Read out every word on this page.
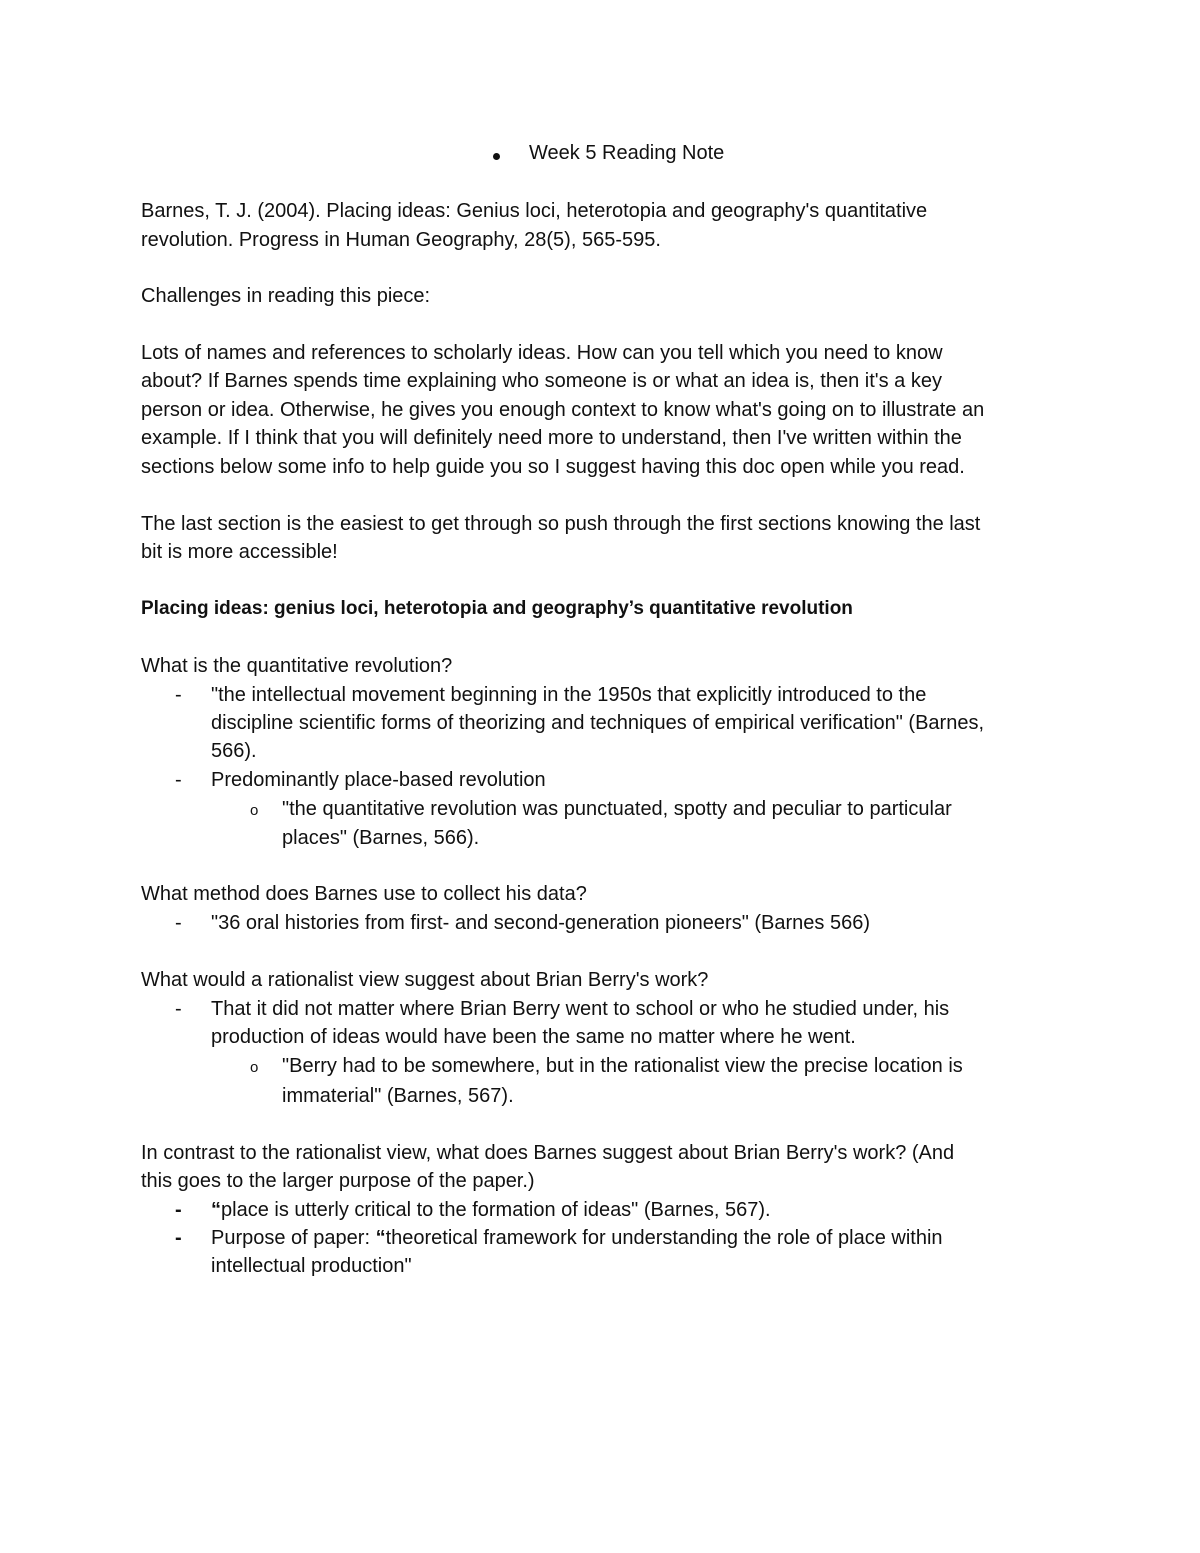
Week 5 Reading Note

Barnes, T. J. (2004). Placing ideas: Genius loci, heterotopia and geography's quantitative

revolution. Progress in Human Geography, 28(5), 565-595.

Challenges in reading this piece:

Lots of names and references to scholarly ideas. How can you tell which you need to know

about? If Barnes spends time explaining who someone is or what an idea is, then it's a key

person or idea. Otherwise, he gives you enough context to know what's going on to illustrate an

example. If I think that you will definitely need more to understand, then I've written within the

sections below some info to help guide you so I suggest having this doc open while you read.

The last section is the easiest to get through so push through the first sections knowing the last

bit is more accessible!

Placing ideas: genius loci, heterotopia and geography’s quantitative revolution

What is the quantitative revolution?

- "the intellectual movement beginning in the 1950s that explicitly introduced to the

discipline scientific forms of theorizing and techniques of empirical verification" (Barnes,

566).

- Predominantly place-based revolution

o "the quantitative revolution was punctuated, spotty and peculiar to particular

places" (Barnes, 566).

What method does Barnes use to collect his data?

- "36 oral histories from first- and second-generation pioneers" (Barnes 566)

What would a rationalist view suggest about Brian Berry's work?

- That it did not matter where Brian Berry went to school or who he studied under, his

production of ideas would have been the same no matter where he went.

o "Berry had to be somewhere, but in the rationalist view the precise location is

immaterial" (Barnes, 567).

In contrast to the rationalist view, what does Barnes suggest about Brian Berry's work? (And

this goes to the larger purpose of the paper.)

- “place is utterly critical to the formation of ideas" (Barnes, 567).

- Purpose of paper: “theoretical framework for understanding the role of place within

intellectual production"
